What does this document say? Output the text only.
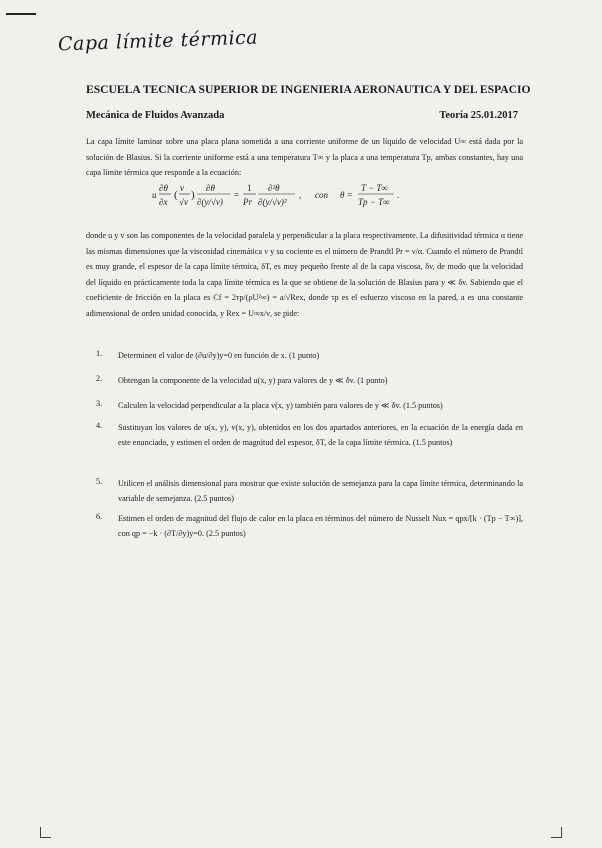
Capa límite térmica
ESCUELA TECNICA SUPERIOR DE INGENIERIA AERONAUTICA Y DEL ESPACIO
Mecánica de Fluidos Avanzada	Teoría 25.01.2017
La capa límite laminar sobre una placa plana sometida a una corriente uniforme de un líquido de velocidad U∞ está dada por la solución de Blasius. Si la corriente uniforme está a una temperatura T∞ y la placa a una temperatura Tp, ambas constantes, hay una capa límite térmica que responde a la ecuación:
u
∂θ
∂x
(
v
√ν
)
∂θ
∂(y/√ν)
=
1
Pr
∂²θ
∂(y/√ν)²
, con θ =
T − T∞
Tp − T∞
.
donde u y v son las componentes de la velocidad paralela y perpendicular a la placa respectivamente. La difusitividad térmica α tiene las mismas dimensiones que la viscosidad cinemática ν y su cociente es el número de Prandtl Pr = ν/α. Cuando el número de Prandtl es muy grande, el espesor de la capa límite térmica, δT, es muy pequeño frente al de la capa viscosa, δv, de modo que la velocidad del líquido en prácticamente toda la capa límite térmica es la que se obtiene de la solución de Blasius para y ≪ δv. Sabiendo que el coeficiente de fricción en la placa es Cf = 2τp/(ρU²∞) = a/√Rex, donde τp es el esfuerzo viscoso en la pared, a es una constante adimensional de orden unidad conocida, y Rex = U∞x/ν, se pide:
1.	Determinen el valor de (∂u/∂y)y=0 en función de x. (1 punto)
2.	Obtengan la componente de la velocidad u(x, y) para valores de y ≪ δv. (1 punto)
3.	Calculen la velocidad perpendicular a la placa v(x, y) también para valores de y ≪ δv. (1.5 puntos)
4.	Sustituyan los valores de u(x, y), v(x, y), obtenidos en los dos apartados anteriores, en la ecuación de la energía dada en este enunciado, y estimen el orden de magnitud del espesor, δT, de la capa límite térmica. (1.5 puntos)
5.	Utilicen el análisis dimensional para mostrar que existe solución de semejanza para la capa límite térmica, determinando la variable de semejanza. (2.5 puntos)
6.	Estimen el orden de magnitud del flujo de calor en la placa en términos del número de Nusselt Nux = qpx/[k · (Tp − T∞)], con qp = −k · (∂T/∂y)y=0. (2.5 puntos)
